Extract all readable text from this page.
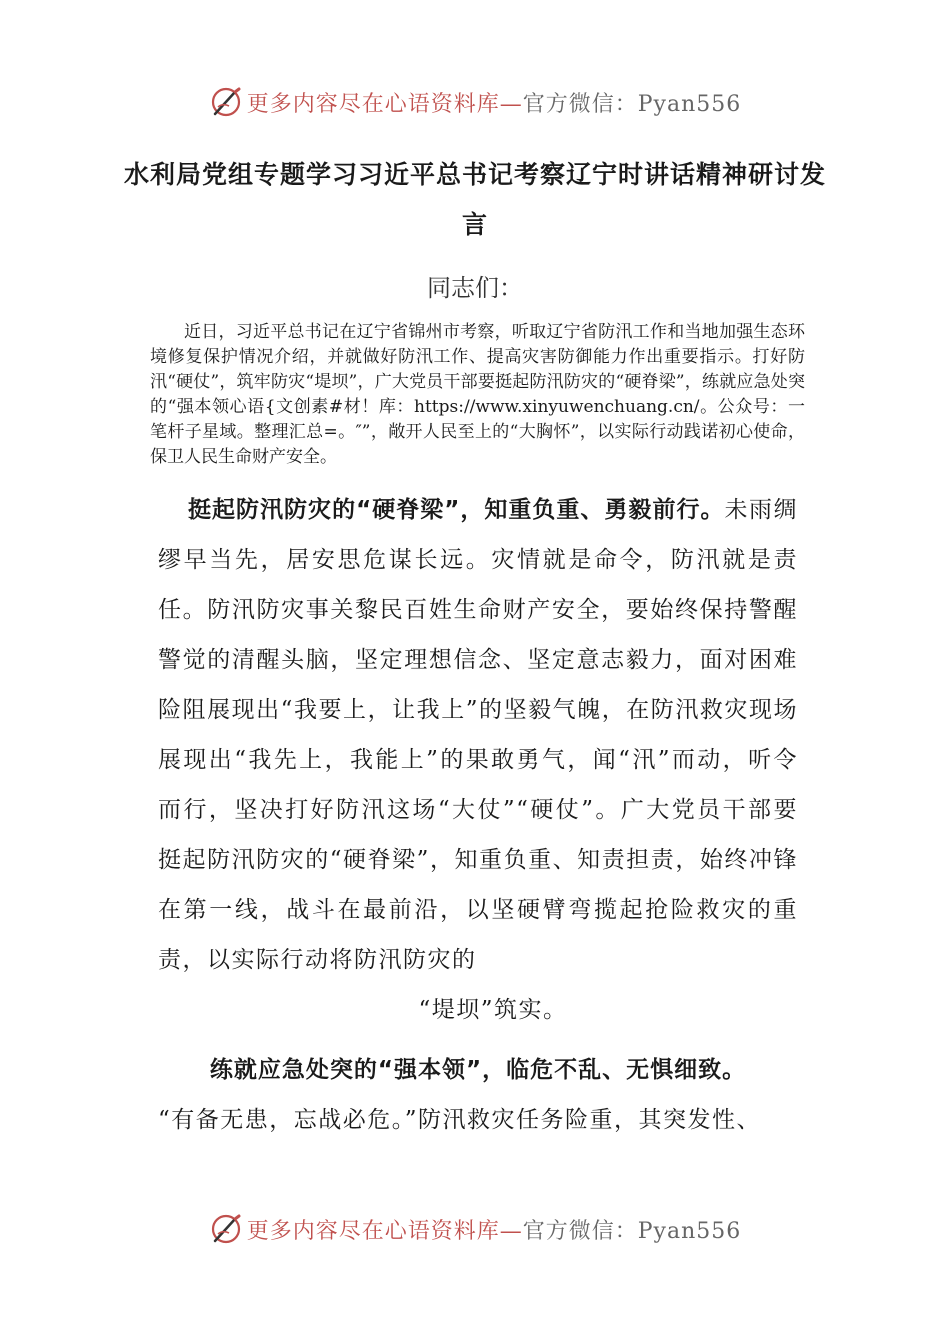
更多内容尽在心语资料库—官方微信：Pyan556
水利局党组专题学习习近平总书记考察辽宁时讲话精神研讨发言
同志们：
近日，习近平总书记在辽宁省锦州市考察，听取辽宁省防汛工作和当地加强生态环境修复保护情况介绍，并就做好防汛工作、提高灾害防御能力作出重要指示。打好防汛“硬仗”，筑牢防灾“堤坝”，广大党员干部要挺起防汛防灾的“硬脊梁”，练就应急处突的“强本领心语{文创素#材！库：https://www.xinyuwenchuang.cn/。公众号：一笔杆子星域。整理汇总=。″”，敞开人民至上的“大胸怀”，以实际行动践诺初心使命，保卫人民生命财产安全。
挺起防汛防灾的“硬脊梁”，知重负重、勇毅前行。未雨绸缪早当先，居安思危谋长远。灾情就是命令，防汛就是责任。防汛防灾事关黎民百姓生命财产安全，要始终保持警醒警觉的清醒头脑，坚定理想信念、坚定意志毅力，面对困难险阻展现出“我要上，让我上”的坚毅气魄，在防汛救灾现场展现出“我先上，我能上”的果敢勇气，闻“汛”而动，听令而行，坚决打好防汛这场“大仗”“硬仗”。广大党员干部要挺起防汛防灾的“硬脊梁”，知重负重、知责担责，始终冲锋在第一线，战斗在最前沿，以坚硬臂弯揽起抢险救灾的重责，以实际行动将防汛防灾的
“堤坝”筑实。
练就应急处突的“强本领”，临危不乱、无惧细致。
“有备无患，忘战必危。”防汛救灾任务险重，其突发性、
更多内容尽在心语资料库—官方微信：Pyan556
